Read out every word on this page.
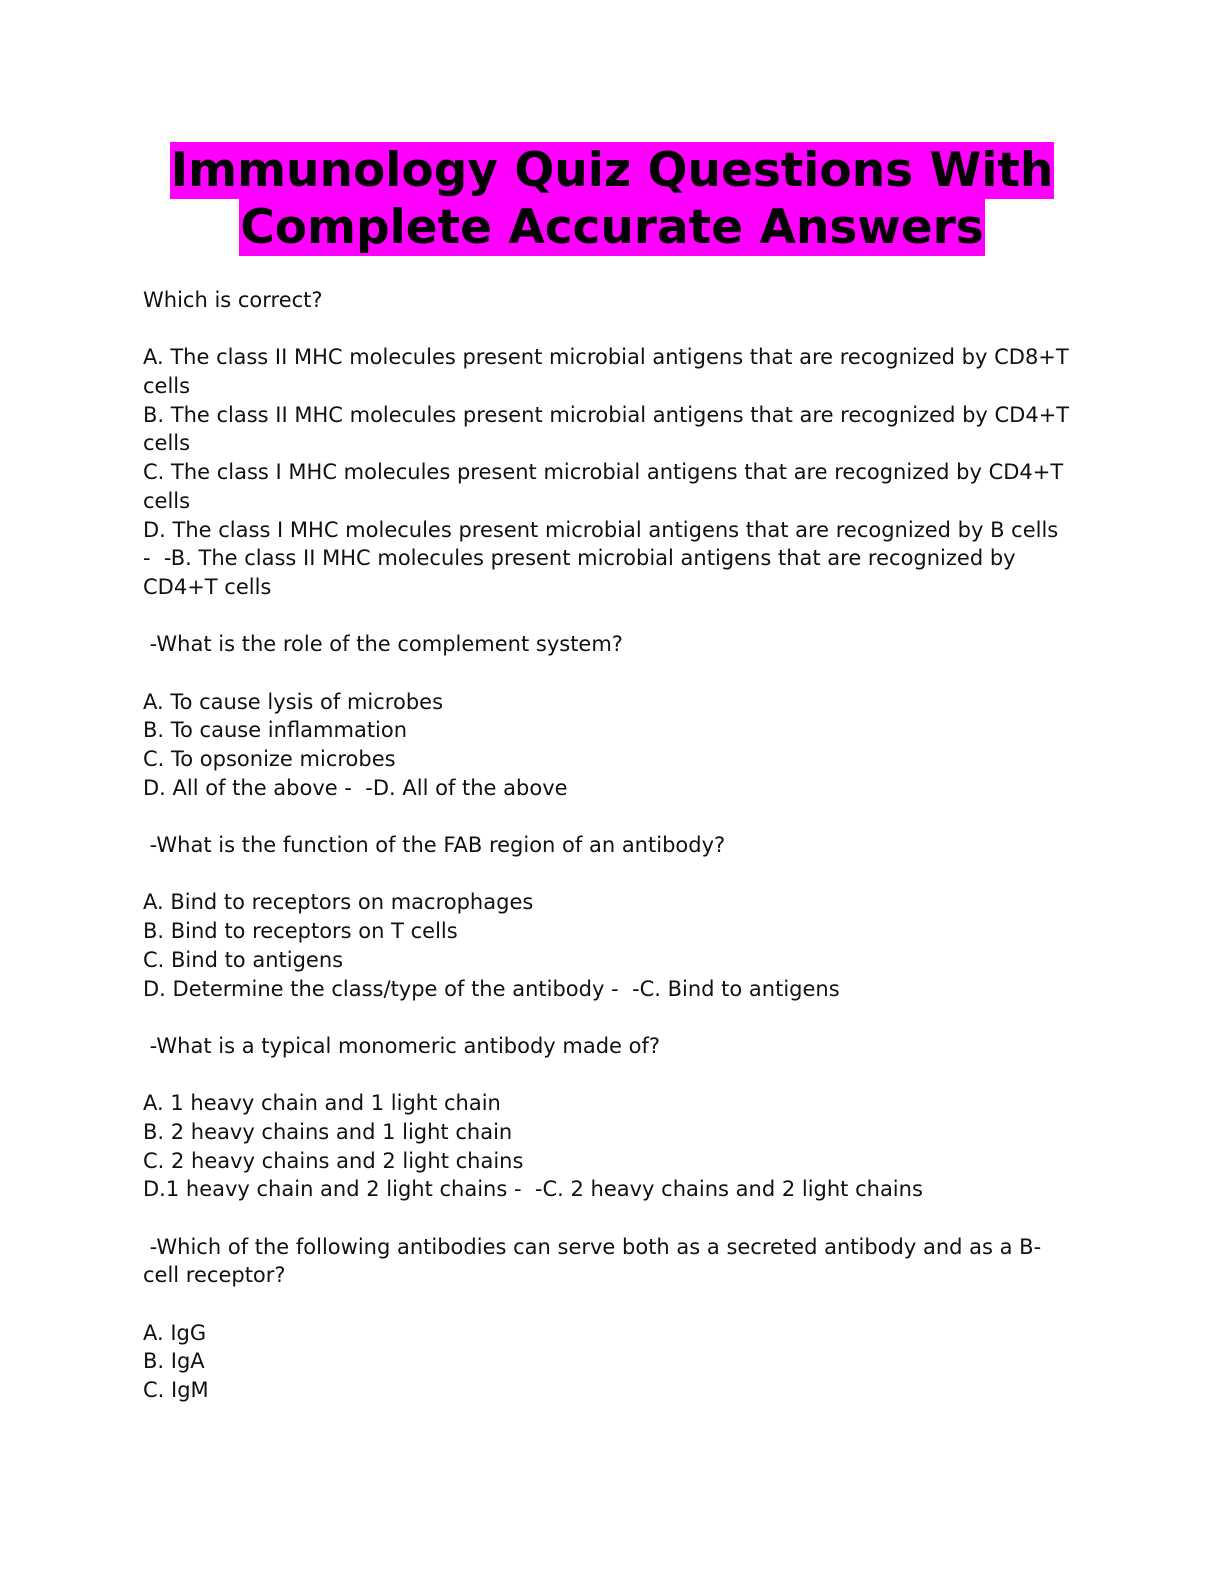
Immunology Quiz Questions With
Complete Accurate Answers
Which is correct?
A. The class II MHC molecules present microbial antigens that are recognized by CD8+T
cells
B. The class II MHC molecules present microbial antigens that are recognized by CD4+T
cells
C. The class I MHC molecules present microbial antigens that are recognized by CD4+T
cells
D. The class I MHC molecules present microbial antigens that are recognized by B cells
-  -B. The class II MHC molecules present microbial antigens that are recognized by
CD4+T cells
-What is the role of the complement system?
A. To cause lysis of microbes
B. To cause inflammation
C. To opsonize microbes
D. All of the above -  -D. All of the above
-What is the function of the FAB region of an antibody?
A. Bind to receptors on macrophages
B. Bind to receptors on T cells
C. Bind to antigens
D. Determine the class/type of the antibody -  -C. Bind to antigens
-What is a typical monomeric antibody made of?
A. 1 heavy chain and 1 light chain
B. 2 heavy chains and 1 light chain
C. 2 heavy chains and 2 light chains
D.1 heavy chain and 2 light chains -  -C. 2 heavy chains and 2 light chains
-Which of the following antibodies can serve both as a secreted antibody and as a B-
cell receptor?
A. IgG
B. IgA
C. IgM
